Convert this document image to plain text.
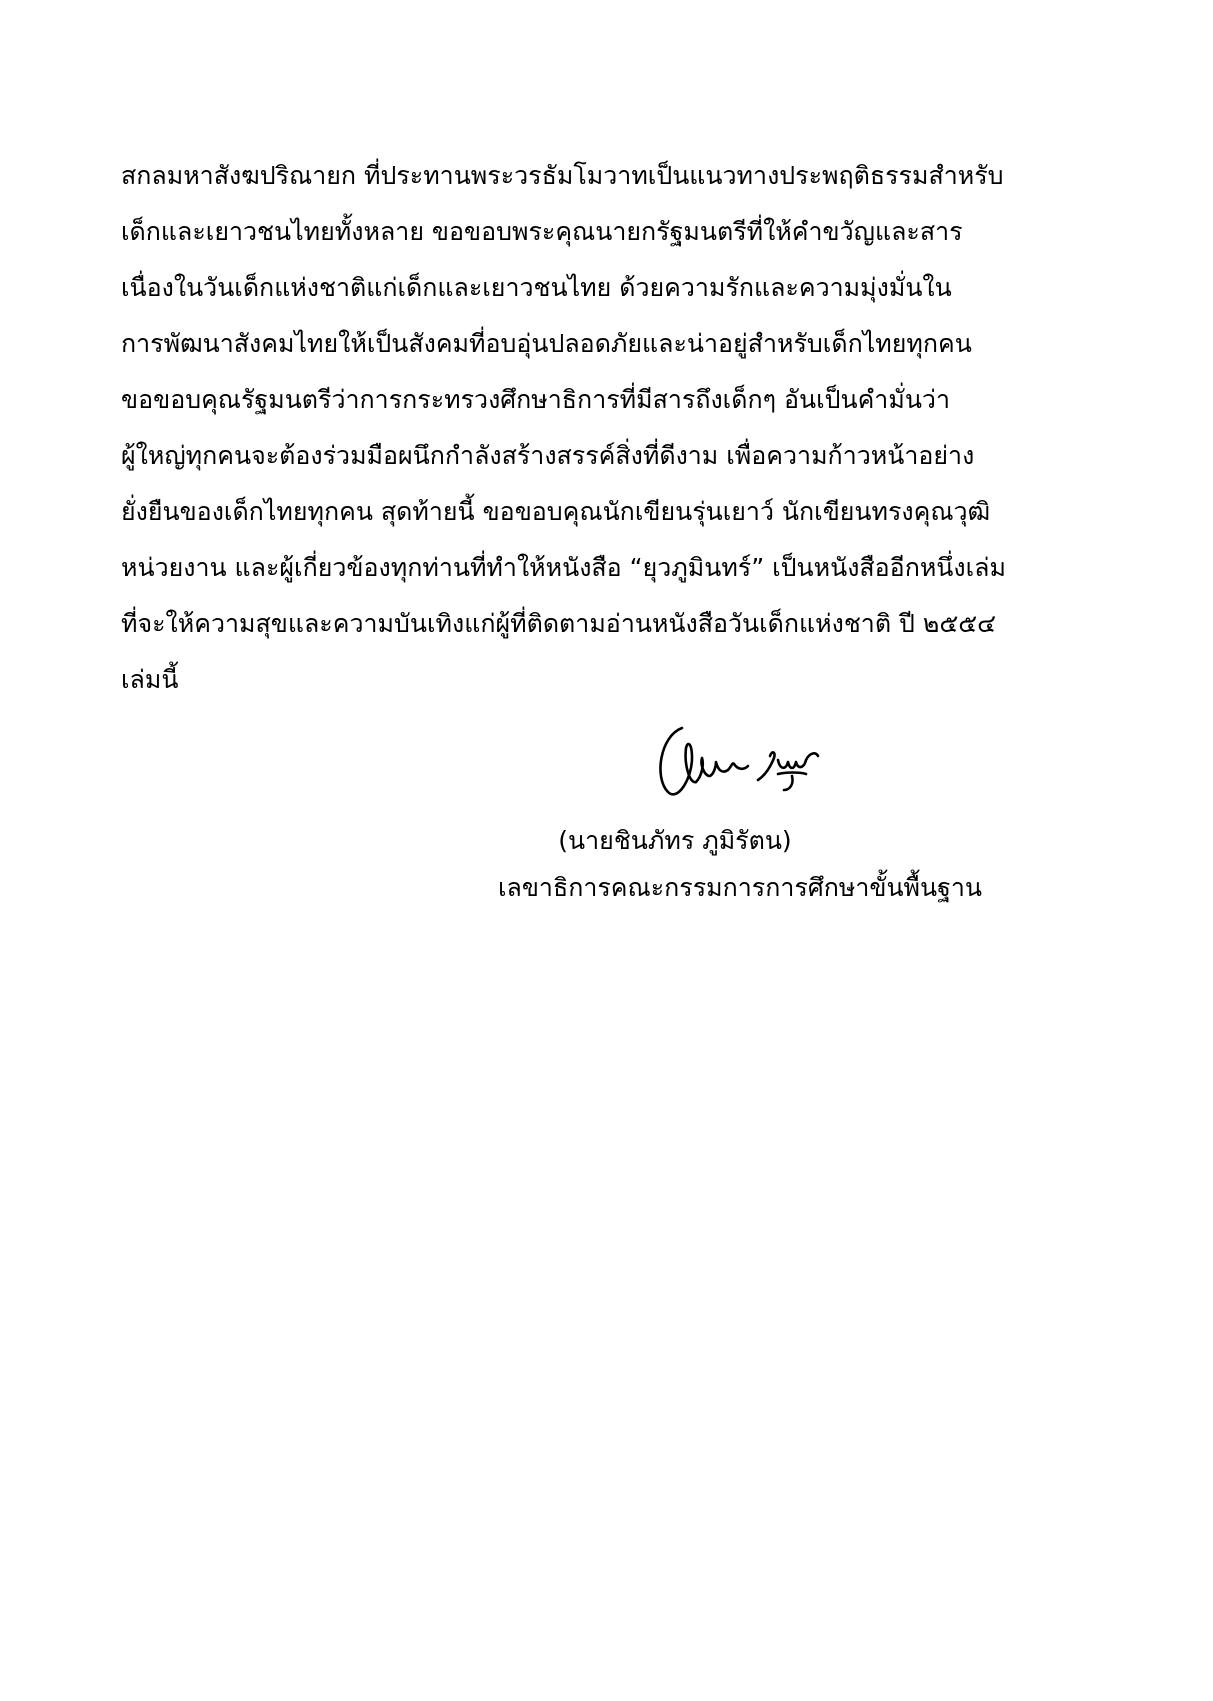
สกลมหาสังฆปริณายก ที่ประทานพระวรธัมโมวาทเป็นแนวทางประพฤติธรรมสำหรับ
เด็กและเยาวชนไทยทั้งหลาย ขอขอบพระคุณนายกรัฐมนตรีที่ให้คำขวัญและสาร
เนื่องในวันเด็กแห่งชาติแก่เด็กและเยาวชนไทย ด้วยความรักและความมุ่งมั่นใน
การพัฒนาสังคมไทยให้เป็นสังคมที่อบอุ่นปลอดภัยและน่าอยู่สำหรับเด็กไทยทุกคน
ขอขอบคุณรัฐมนตรีว่าการกระทรวงศึกษาธิการที่มีสารถึงเด็กๆ อันเป็นคำมั่นว่า
ผู้ใหญ่ทุกคนจะต้องร่วมมือผนึกกำลังสร้างสรรค์สิ่งที่ดีงาม เพื่อความก้าวหน้าอย่าง
ยั่งยืนของเด็กไทยทุกคน สุดท้ายนี้ ขอขอบคุณนักเขียนรุ่นเยาว์ นักเขียนทรงคุณวุฒิ
หน่วยงาน และผู้เกี่ยวข้องทุกท่านที่ทำให้หนังสือ “ยุวภูมินทร์” เป็นหนังสืออีกหนึ่งเล่ม
ที่จะให้ความสุขและความบันเทิงแก่ผู้ที่ติดตามอ่านหนังสือวันเด็กแห่งชาติ ปี ๒๕๕๔
เล่มนี้
(นายชินภัทร ภูมิรัตน)
เลขาธิการคณะกรรมการการศึกษาขั้นพื้นฐาน
